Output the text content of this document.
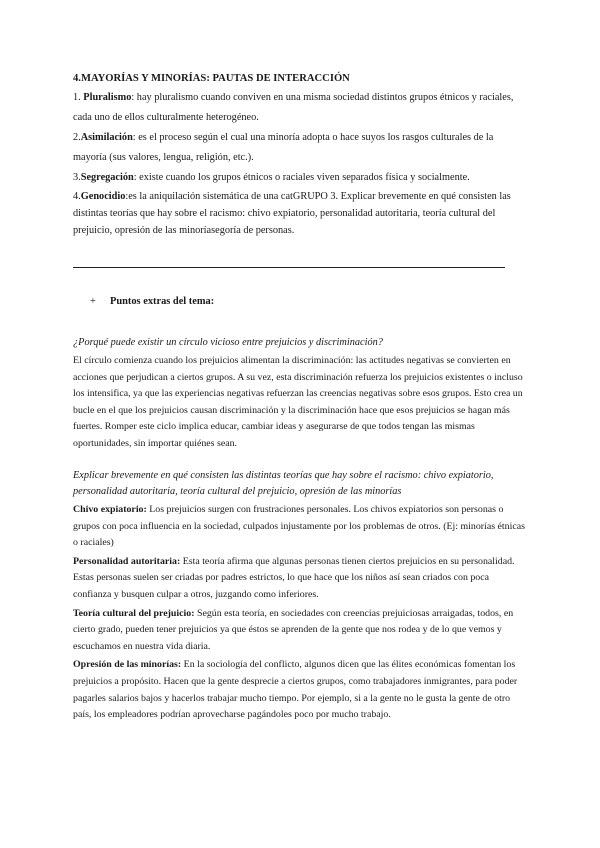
4.MAYORÍAS Y MINORÍAS: PAUTAS DE INTERACCIÓN

1. Pluralismo: hay pluralismo cuando conviven en una misma sociedad distintos grupos étnicos y raciales, cada uno de ellos culturalmente heterogéneo.

2.Asimilación: es el proceso según el cual una minoría adopta o hace suyos los rasgos culturales de la mayoría (sus valores, lengua, religión, etc.).

3.Segregación: existe cuando los grupos étnicos o raciales viven separados física y socialmente.

4.Genocidio:es la aniquilación sistemática de una catGRUPO 3. Explicar brevemente en qué consisten las distintas teorías que hay sobre el racismo: chivo expiatorio, personalidad autoritaria, teoría cultural del prejuicio, opresión de las minoríasegoría de personas.

+ Puntos extras del tema:

¿Porqué puede existir un círculo vicioso entre prejuicios y discriminación?

El círculo comienza cuando los prejuicios alimentan la discriminación: las actitudes negativas se convierten en acciones que perjudican a ciertos grupos. A su vez, esta discriminación refuerza los prejuicios existentes o incluso los intensifica, ya que las experiencias negativas refuerzan las creencias negativas sobre esos grupos. Esto crea un bucle en el que los prejuicios causan discriminación y la discriminación hace que esos prejuicios se hagan más fuertes. Romper este ciclo implica educar, cambiar ideas y asegurarse de que todos tengan las mismas oportunidades, sin importar quiénes sean.

Explicar brevemente en qué consisten las distintas teorías que hay sobre el racismo: chivo expiatorio, personalidad autoritaria, teoría cultural del prejuicio, opresión de las minorías

Chivo expiatorio: Los prejuicios surgen con frustraciones personales. Los chivos expiatorios son personas o grupos con poca influencia en la sociedad, culpados injustamente por los problemas de otros. (Ej: minorías étnicas o raciales)

Personalidad autoritaria: Esta teoría afirma que algunas personas tienen ciertos prejuicios en su personalidad. Estas personas suelen ser criadas por padres estrictos, lo que hace que los niños así sean criados con poca confianza y busquen culpar a otros, juzgando como inferiores.

Teoría cultural del prejuicio: Según esta teoría, en sociedades con creencias prejuiciosas arraigadas, todos, en cierto grado, pueden tener prejuicios ya que éstos se aprenden de la gente que nos rodea y de lo que vemos y escuchamos en nuestra vida diaria.

Opresión de las minorías: En la sociología del conflicto, algunos dicen que las élites económicas fomentan los prejuicios a propósito. Hacen que la gente desprecie a ciertos grupos, como trabajadores inmigrantes, para poder pagarles salarios bajos y hacerlos trabajar mucho tiempo. Por ejemplo, si a la gente no le gusta la gente de otro país, los empleadores podrían aprovecharse pagándoles poco por mucho trabajo.
